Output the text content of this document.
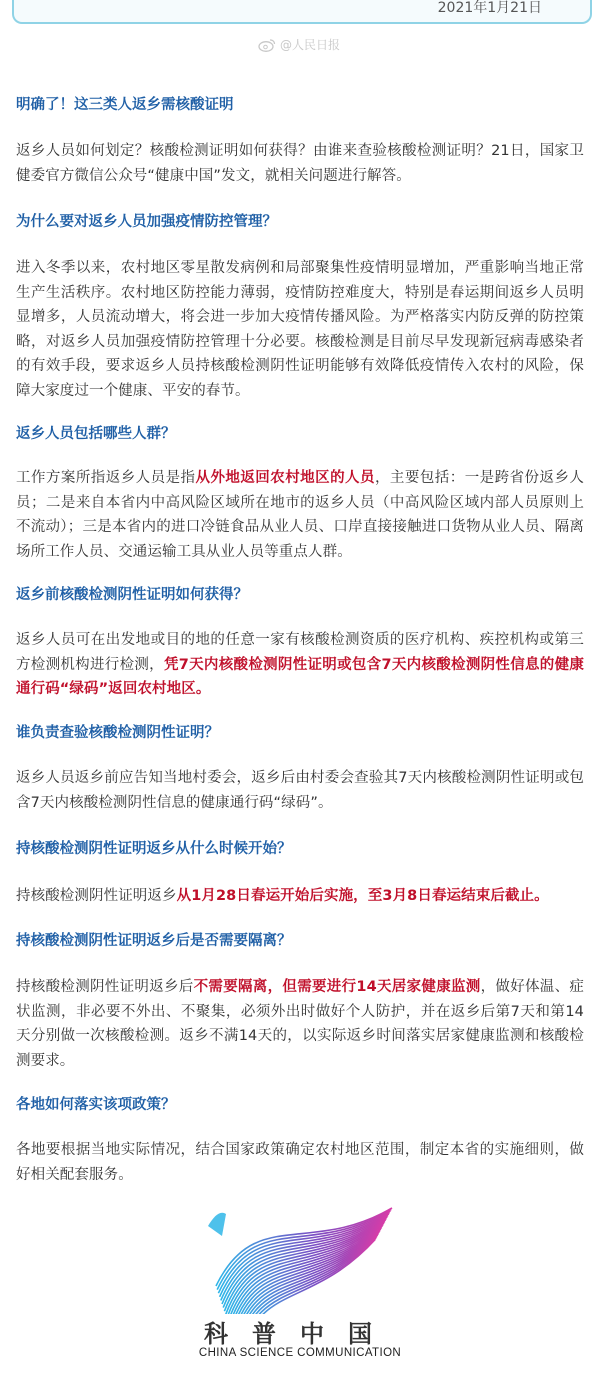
2021年1月21日
@人民日报

明确了！这三类人返乡需核酸证明

返乡人员如何划定？核酸检测证明如何获得？由谁来查验核酸检测证明？21日，国家卫健委官方微信公众号“健康中国”发文，就相关问题进行解答。

为什么要对返乡人员加强疫情防控管理？

进入冬季以来，农村地区零星散发病例和局部聚集性疫情明显增加，严重影响当地正常生产生活秩序。农村地区防控能力薄弱，疫情防控难度大，特别是春运期间返乡人员明显增多，人员流动增大，将会进一步加大疫情传播风险。为严格落实内防反弹的防控策略，对返乡人员加强疫情防控管理十分必要。核酸检测是目前尽早发现新冠病毒感染者的有效手段，要求返乡人员持核酸检测阴性证明能够有效降低疫情传入农村的风险，保障大家度过一个健康、平安的春节。

返乡人员包括哪些人群？

工作方案所指返乡人员是指从外地返回农村地区的人员，主要包括：一是跨省份返乡人员；二是来自本省内中高风险区域所在地市的返乡人员（中高风险区域内部人员原则上不流动）；三是本省内的进口冷链食品从业人员、口岸直接接触进口货物从业人员、隔离场所工作人员、交通运输工具从业人员等重点人群。

返乡前核酸检测阴性证明如何获得？

返乡人员可在出发地或目的地的任意一家有核酸检测资质的医疗机构、疾控机构或第三方检测机构进行检测，凭7天内核酸检测阴性证明或包含7天内核酸检测阴性信息的健康通行码“绿码”返回农村地区。

谁负责查验核酸检测阴性证明？

返乡人员返乡前应告知当地村委会，返乡后由村委会查验其7天内核酸检测阴性证明或包含7天内核酸检测阴性信息的健康通行码“绿码”。

持核酸检测阴性证明返乡从什么时候开始？

持核酸检测阴性证明返乡从1月28日春运开始后实施，至3月8日春运结束后截止。

持核酸检测阴性证明返乡后是否需要隔离？

持核酸检测阴性证明返乡后不需要隔离，但需要进行14天居家健康监测，做好体温、症状监测，非必要不外出、不聚集，必须外出时做好个人防护，并在返乡后第7天和第14天分别做一次核酸检测。返乡不满14天的，以实际返乡时间落实居家健康监测和核酸检测要求。

各地如何落实该项政策？

各地要根据当地实际情况，结合国家政策确定农村地区范围，制定本省的实施细则，做好相关配套服务。

科普中国
CHINA SCIENCE COMMUNICATION
